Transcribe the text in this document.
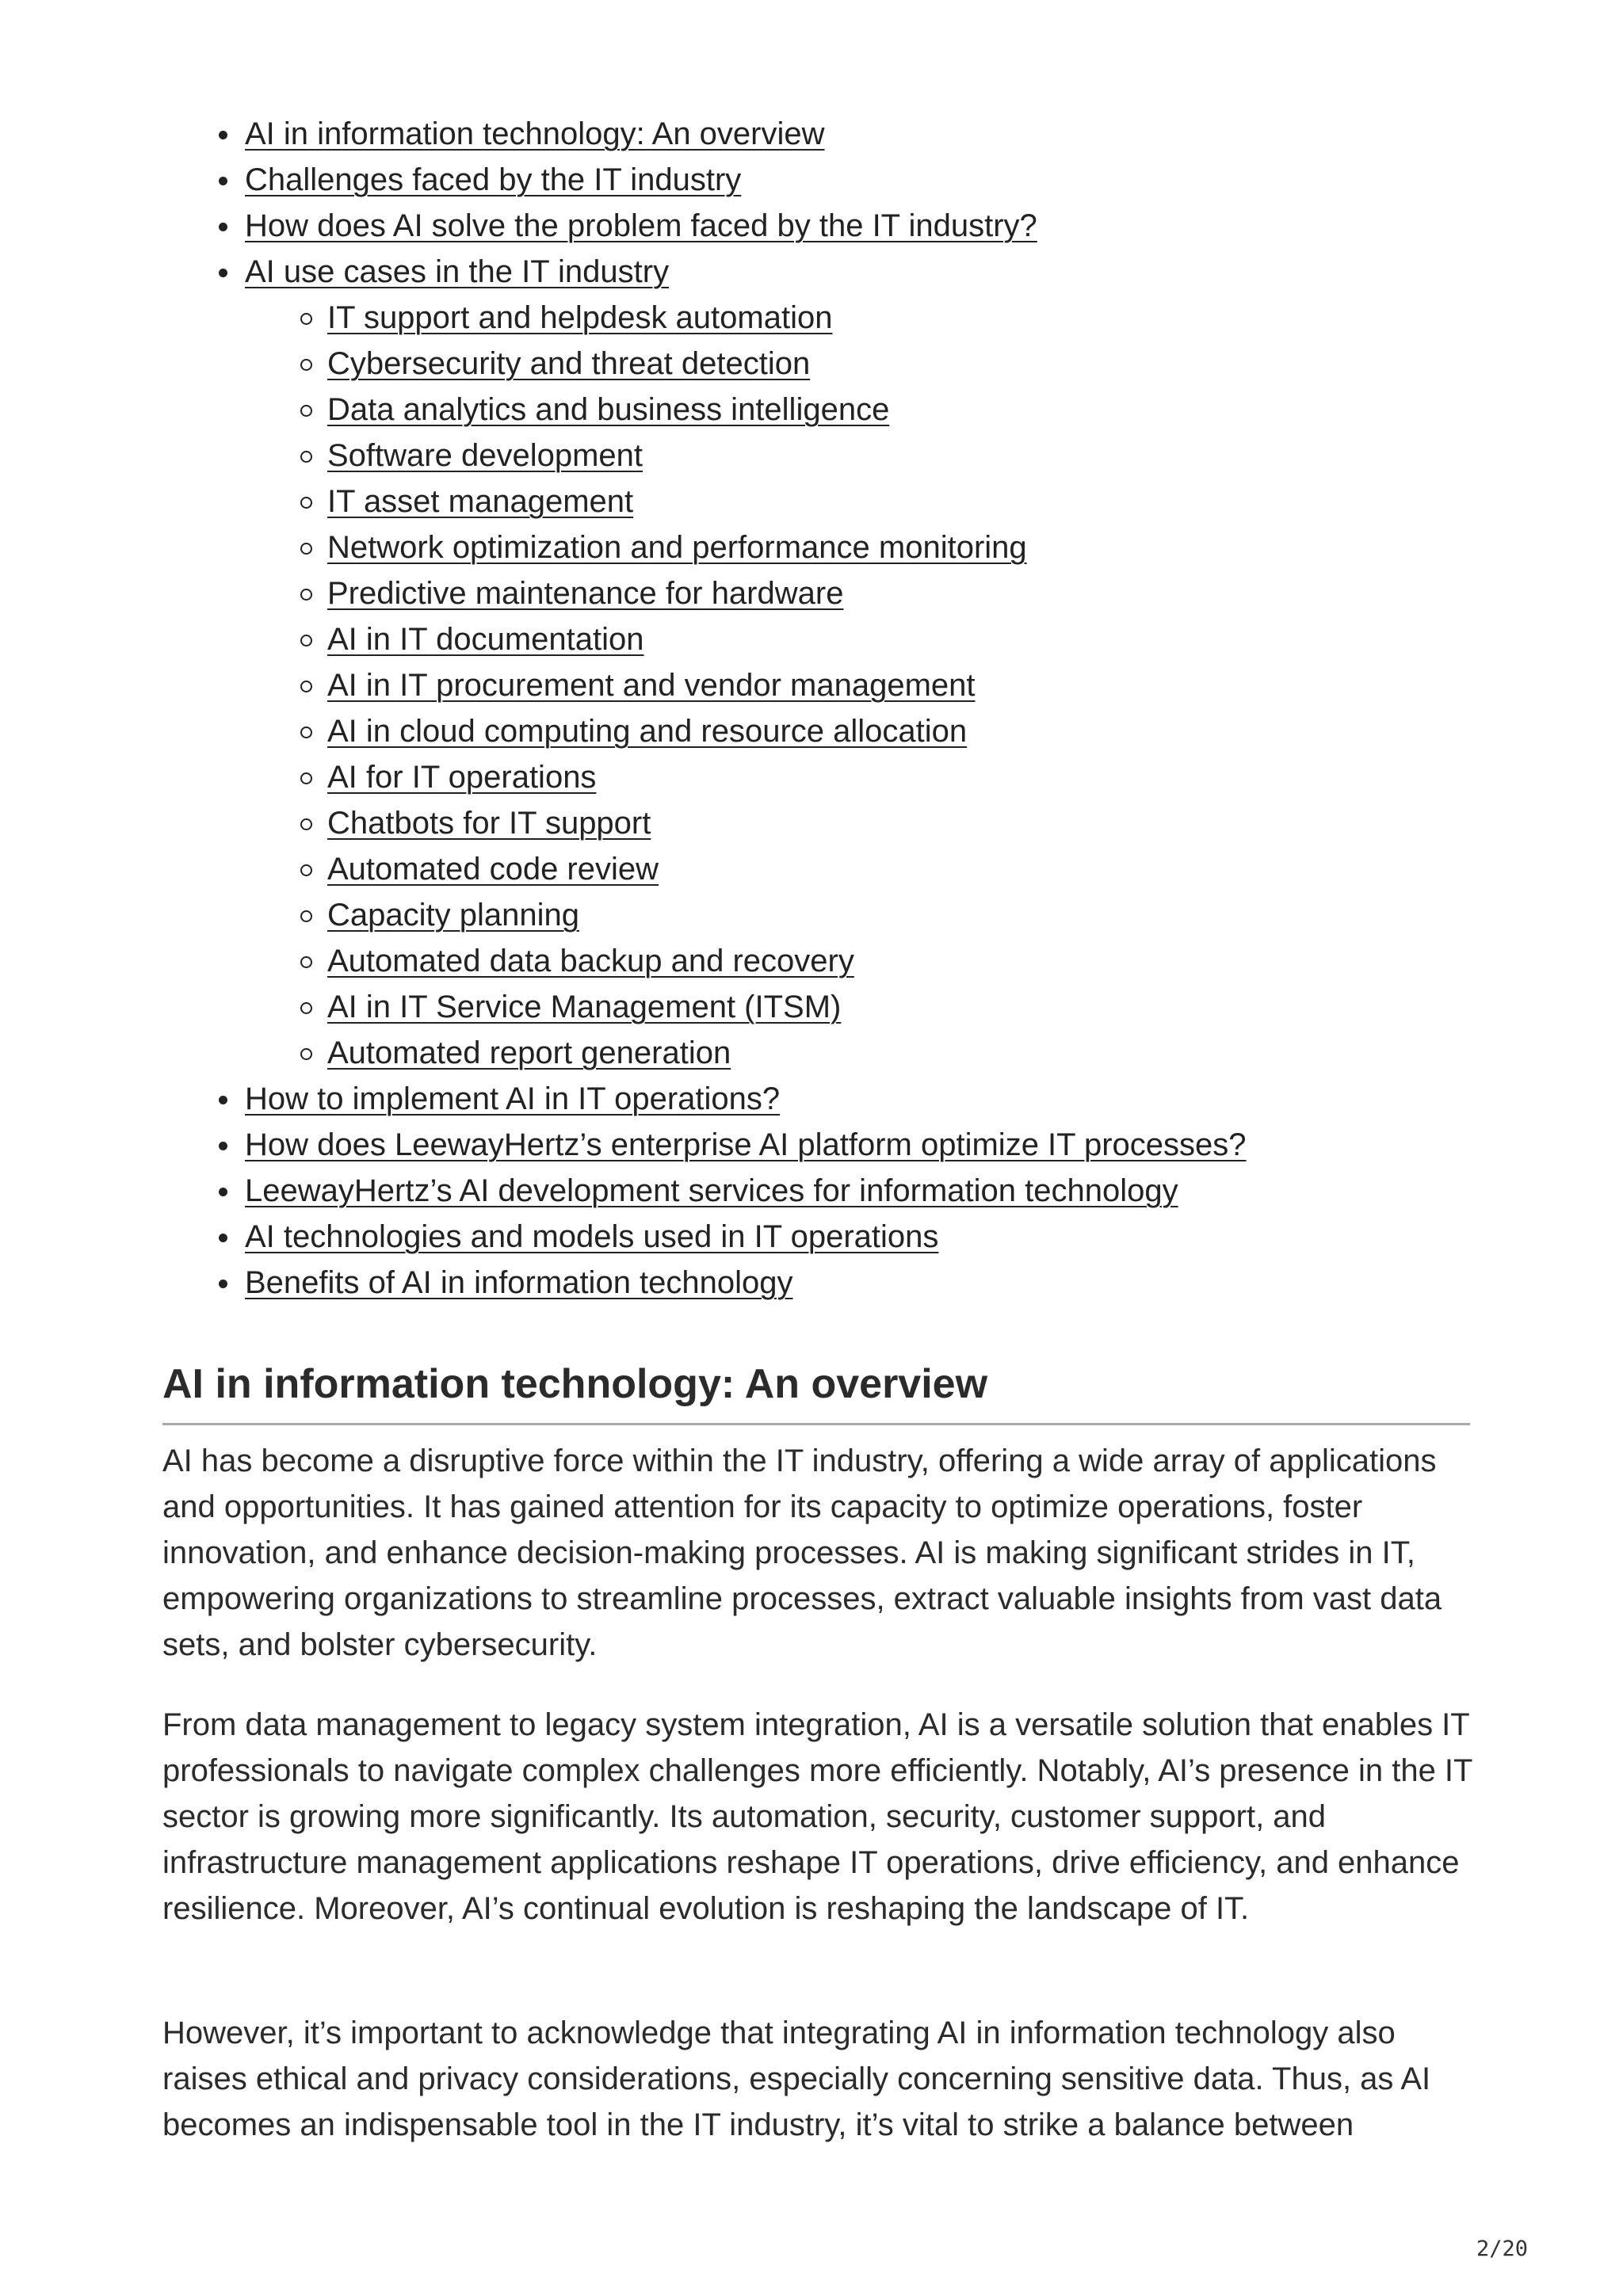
AI in information technology: An overview
Challenges faced by the IT industry
How does AI solve the problem faced by the IT industry?
AI use cases in the IT industry
IT support and helpdesk automation
Cybersecurity and threat detection
Data analytics and business intelligence
Software development
IT asset management
Network optimization and performance monitoring
Predictive maintenance for hardware
AI in IT documentation
AI in IT procurement and vendor management
AI in cloud computing and resource allocation
AI for IT operations
Chatbots for IT support
Automated code review
Capacity planning
Automated data backup and recovery
AI in IT Service Management (ITSM)
Automated report generation
How to implement AI in IT operations?
How does LeewayHertz’s enterprise AI platform optimize IT processes?
LeewayHertz’s AI development services for information technology
AI technologies and models used in IT operations
Benefits of AI in information technology
AI in information technology: An overview

AI has become a disruptive force within the IT industry, offering a wide array of applications and opportunities. It has gained attention for its capacity to optimize operations, foster innovation, and enhance decision-making processes. AI is making significant strides in IT, empowering organizations to streamline processes, extract valuable insights from vast data sets, and bolster cybersecurity.

From data management to legacy system integration, AI is a versatile solution that enables IT professionals to navigate complex challenges more efficiently. Notably, AI’s presence in the IT sector is growing more significantly. Its automation, security, customer support, and infrastructure management applications reshape IT operations, drive efficiency, and enhance resilience. Moreover, AI’s continual evolution is reshaping the landscape of IT.

However, it’s important to acknowledge that integrating AI in information technology also raises ethical and privacy considerations, especially concerning sensitive data. Thus, as AI becomes an indispensable tool in the IT industry, it’s vital to strike a balance between

2/20
